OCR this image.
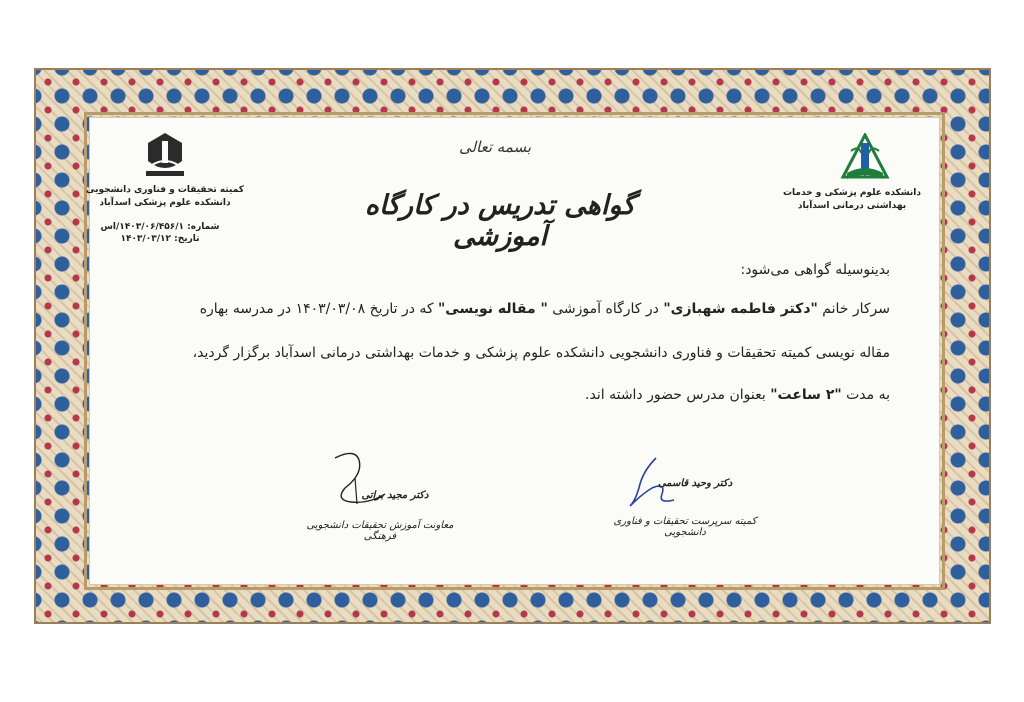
دانشکده علوم پزشکی و خدمات
بهداشتی درمانی اسدآباد
کمیته تحقیقات و فناوری دانشجویی
دانشکده علوم پزشکی اسدآباد
شماره: ۱۴۰۳/۰۶/۴۵۶/۱/اس
تاریخ: ۱۴۰۳/۰۳/۱۲
بسمه تعالی
گواهی تدریس در کارگاه آموزشی
بدینوسیله گواهی می‌شود:
سرکار خانم "دکتر فاطمه شهبازی" در کارگاه آموزشی " مقاله نویسی" که در تاریخ ۱۴۰۳/۰۳/۰۸ در مدرسه بهاره
مقاله نویسی کمیته تحقیقات و فناوری دانشجویی دانشکده علوم پزشکی و خدمات بهداشتی درمانی اسدآباد برگزار گردید،
به مدت "۲ ساعت" بعنوان مدرس حضور داشته اند.
دکتر مجید براتی
معاونت آموزش تحقیقات دانشجویی فرهنگی
دکتر وحید قاسمی
کمیته سرپرست تحقیقات و فناوری دانشجویی
